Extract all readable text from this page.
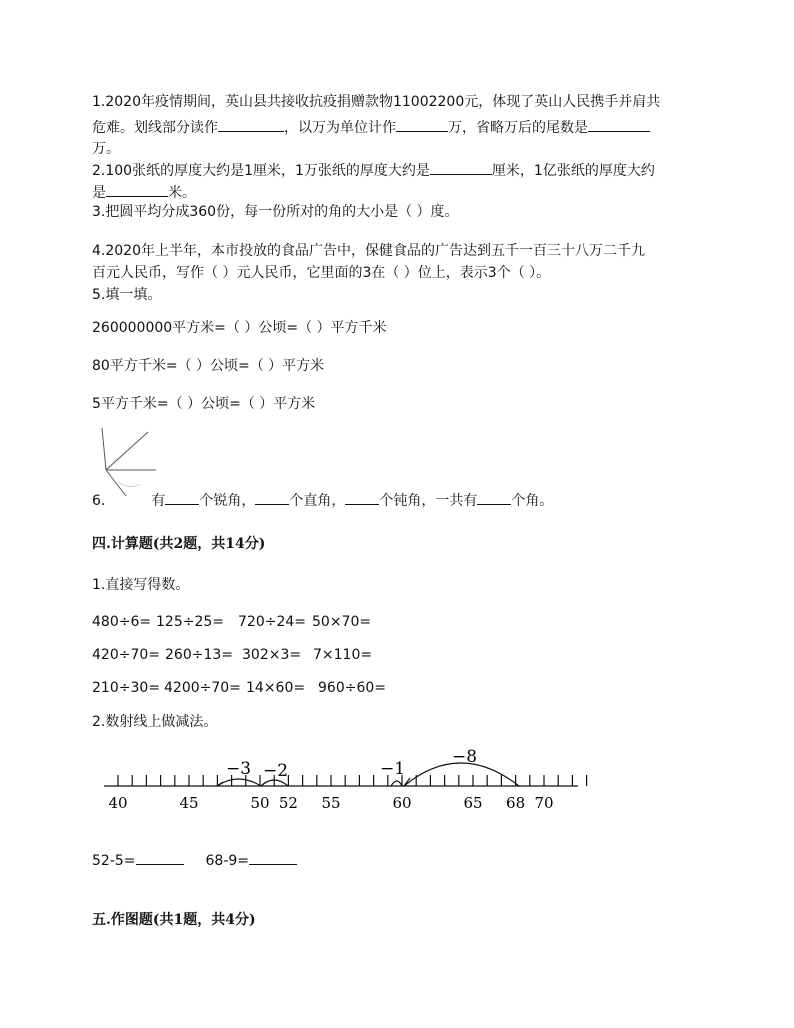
1.2020年疫情期间，英山县共接收抗疫捐赠款物11002200元，体现了英山人民携手并肩共
危难。划线部分读作	，以万为单位计作	万，省略万后的尾数是
万。
2.100张纸的厚度大约是1厘米，1万张纸的厚度大约是	厘米，1亿张纸的厚度大约
是	米。
3.把圆平均分成360份，每一份所对的角的大小是（ ）度。
4.2020年上半年，本市投放的食品广告中，保健食品的广告达到五千一百三十八万二千九
百元人民币，写作（ ）元人民币，它里面的3在（ ）位上，表示3个（ ）。
5.填一填。
260000000平方米=（ ）公顷=（ ）平方千米
80平方千米=（ ）公顷=（ ）平方米
5平方千米=（ ）公顷=（ ）平方米
6.	有 个锐角， 个直角， 个钝角，一共有 个角。
四.计算题(共2题，共14分)
1.直接写得数。
480÷6= 125÷25= 720÷24= 50×70=
420÷70= 260÷13= 302×3= 7×110=
210÷30= 4200÷70= 14×60= 960÷60=
2.数射线上做减法。
−3 −2	−1
−8
40	45	50 52 55	60	65 68 70
52-5=	68-9=
五.作图题(共1题，共4分)
